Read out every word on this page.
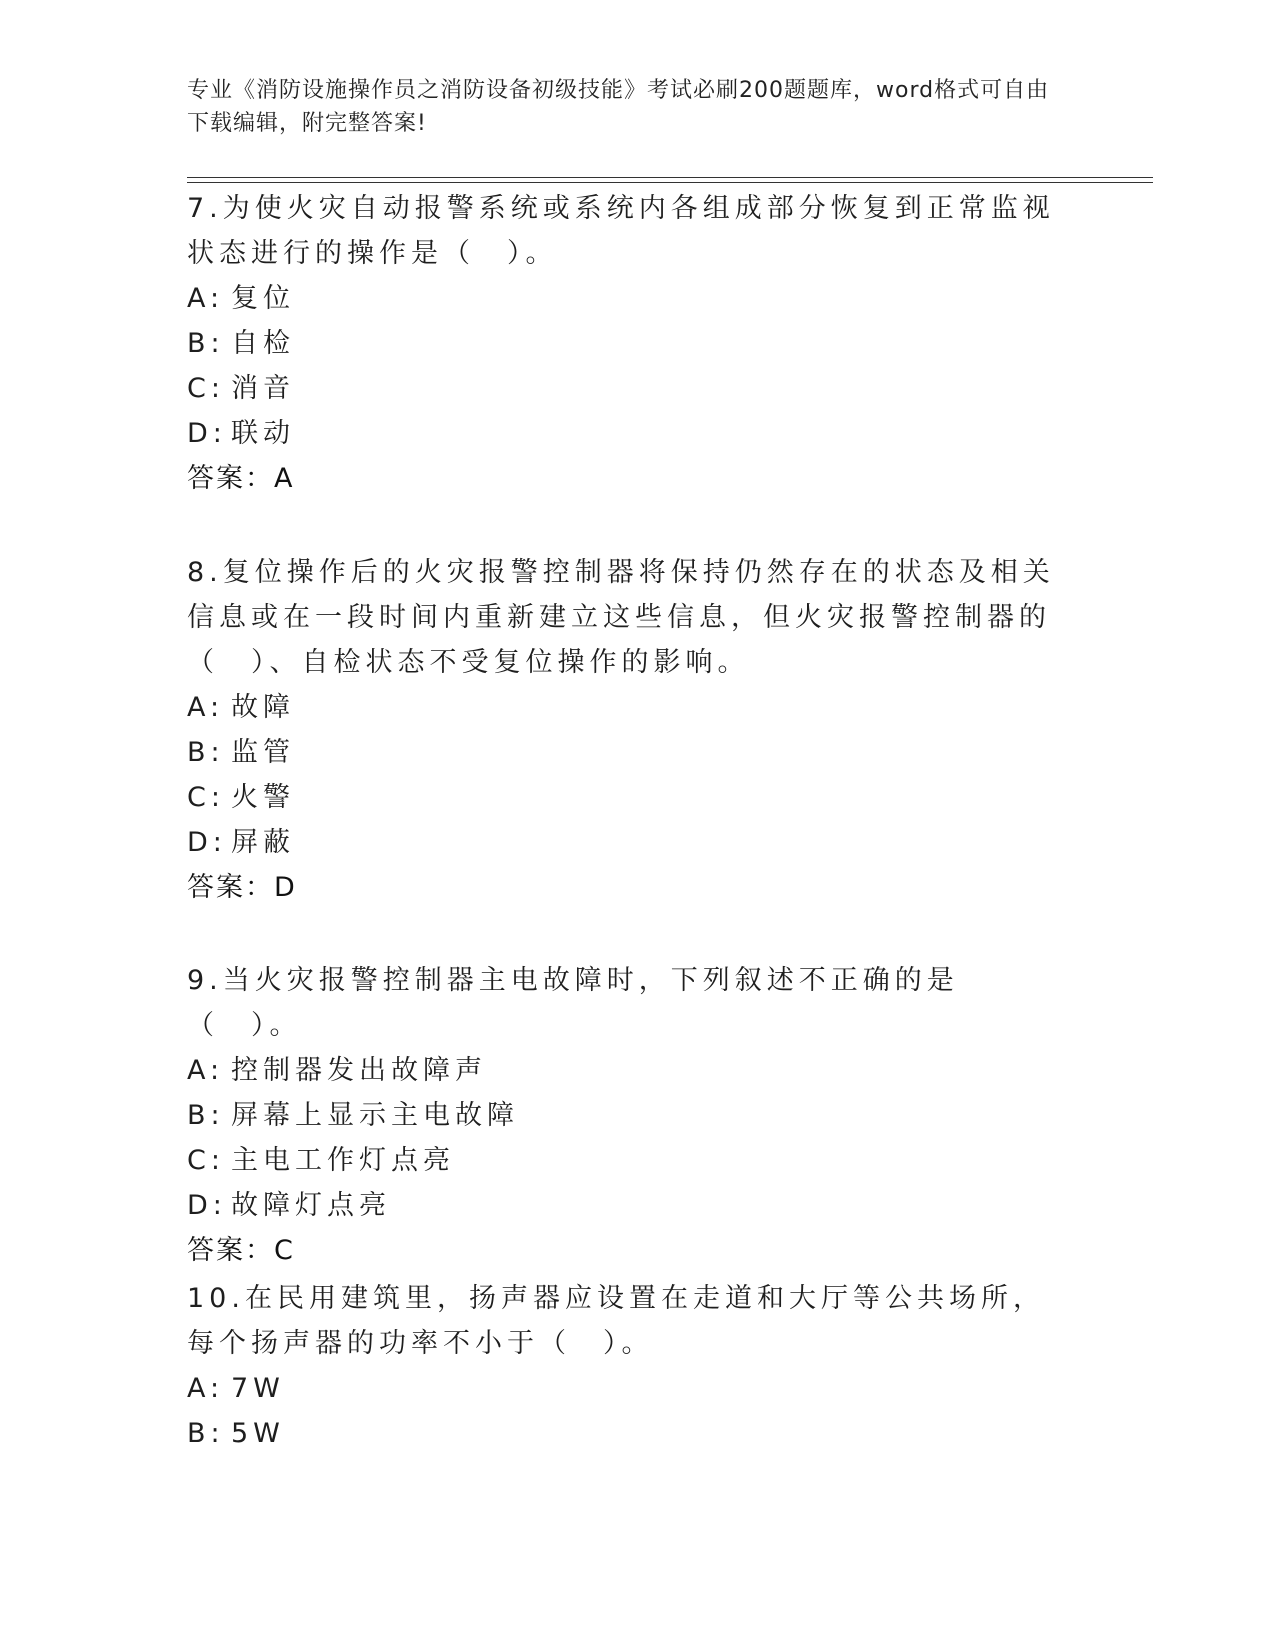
专业《消防设施操作员之消防设备初级技能》考试必刷200题题库，word格式可自由下载编辑，附完整答案!

7.为使火灾自动报警系统或系统内各组成部分恢复到正常监视状态进行的操作是（　）。

A: 复位
B: 自检
C: 消音
D: 联动
答案：A

8.复位操作后的火灾报警控制器将保持仍然存在的状态及相关信息或在一段时间内重新建立这些信息，但火灾报警控制器的（　）、自检状态不受复位操作的影响。

A: 故障
B: 监管
C: 火警
D: 屏蔽
答案：D

9.当火灾报警控制器主电故障时，下列叙述不正确的是（　）。

A: 控制器发出故障声
B: 屏幕上显示主电故障
C: 主电工作灯点亮
D: 故障灯点亮
答案：C

10.在民用建筑里，扬声器应设置在走道和大厅等公共场所，每个扬声器的功率不小于（　）。

A: 7W
B: 5W
